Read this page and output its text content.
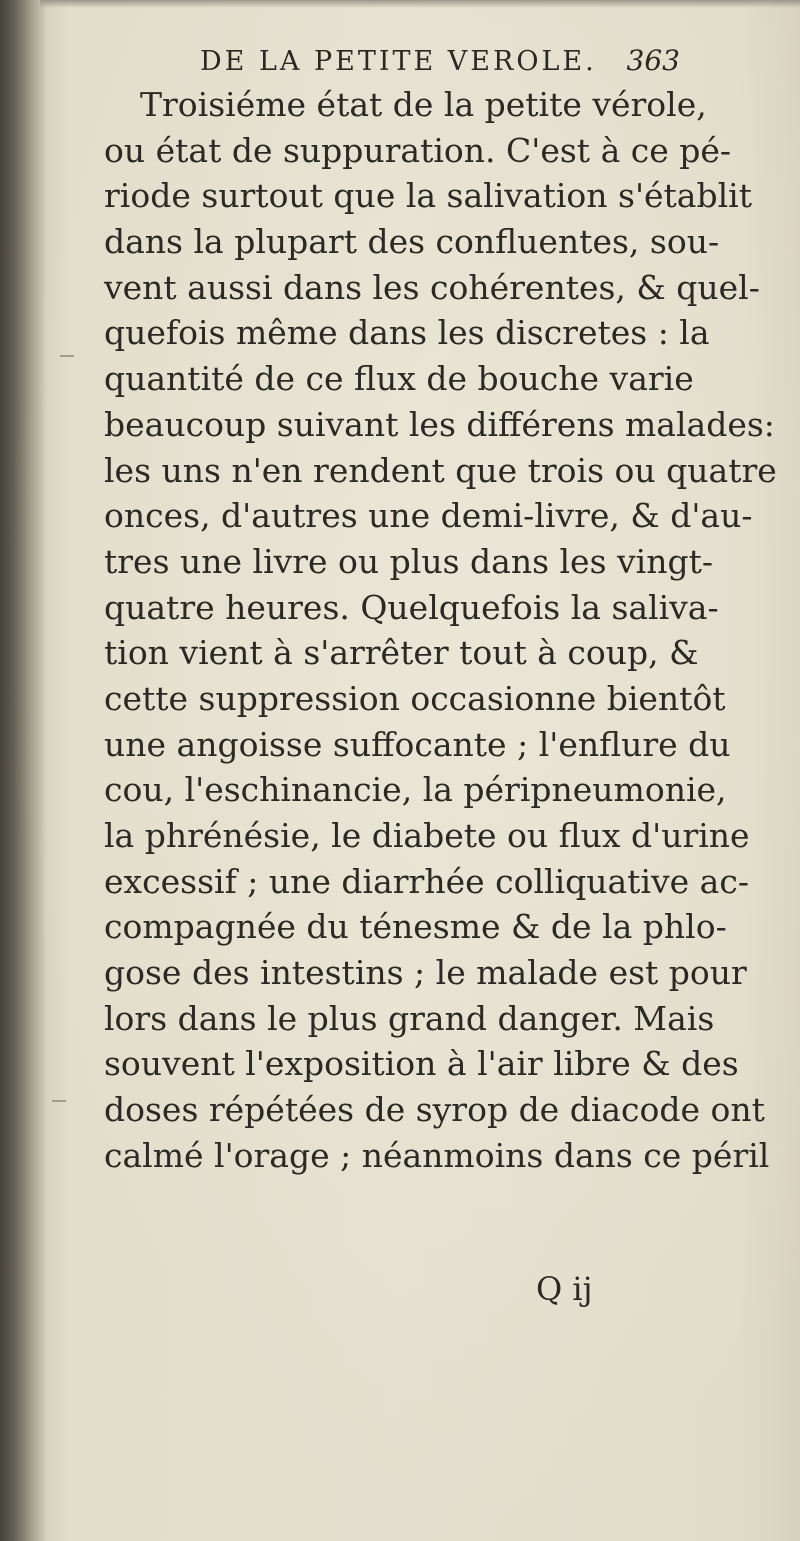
DE LA PETITE VEROLE. 363
Troisiéme état de la petite vérole,
ou état de suppuration. C'est à ce pé-
riode surtout que la salivation s'établit
dans la plupart des confluentes, sou-
vent aussi dans les cohérentes, & quel-
quefois même dans les discretes : la
quantité de ce flux de bouche varie
beaucoup suivant les différens malades:
les uns n'en rendent que trois ou quatre
onces, d'autres une demi-livre, & d'au-
tres une livre ou plus dans les vingt-
quatre heures. Quelquefois la saliva-
tion vient à s'arrêter tout à coup, &
cette suppression occasionne bientôt
une angoisse suffocante ; l'enflure du
cou, l'eschinancie, la péripneumonie,
la phrénésie, le diabete ou flux d'urine
excessif ; une diarrhée colliquative ac-
compagnée du ténesme & de la phlo-
gose des intestins ; le malade est pour
lors dans le plus grand danger. Mais
souvent l'exposition à l'air libre & des
doses répétées de syrop de diacode ont
calmé l'orage ; néanmoins dans ce péril
Q ij
